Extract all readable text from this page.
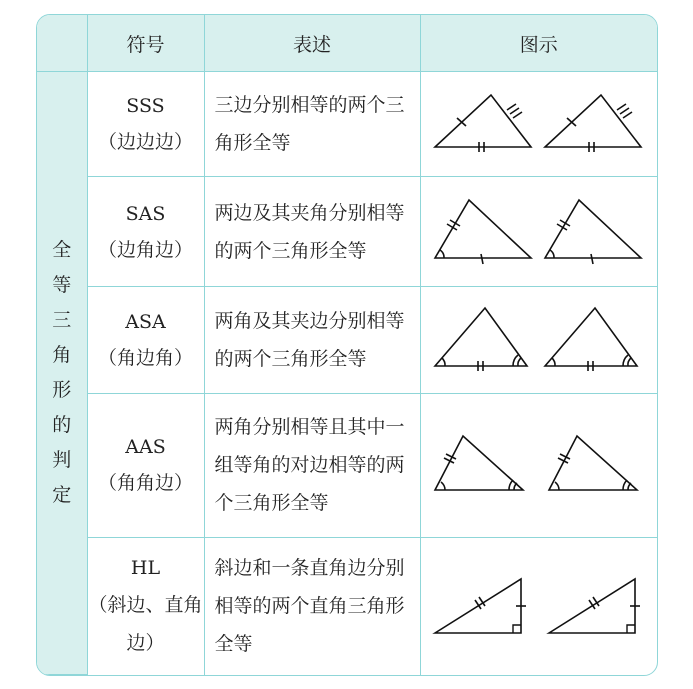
	符号	表述	图示
全等三角形的判定	SSS
（边边边）	三边分别相等的两个三角形全等	

	SAS
（边角边）	两边及其夹角分别相等的两个三角形全等	

	ASA
（角边角）	两角及其夹边分别相等的两个三角形全等	

	AAS
（角角边）	两角分别相等且其中一组等角的对边相等的两个三角形全等	

	HL
（斜边、直角边）	斜边和一条直角边分别相等的两个直角三角形全等	
